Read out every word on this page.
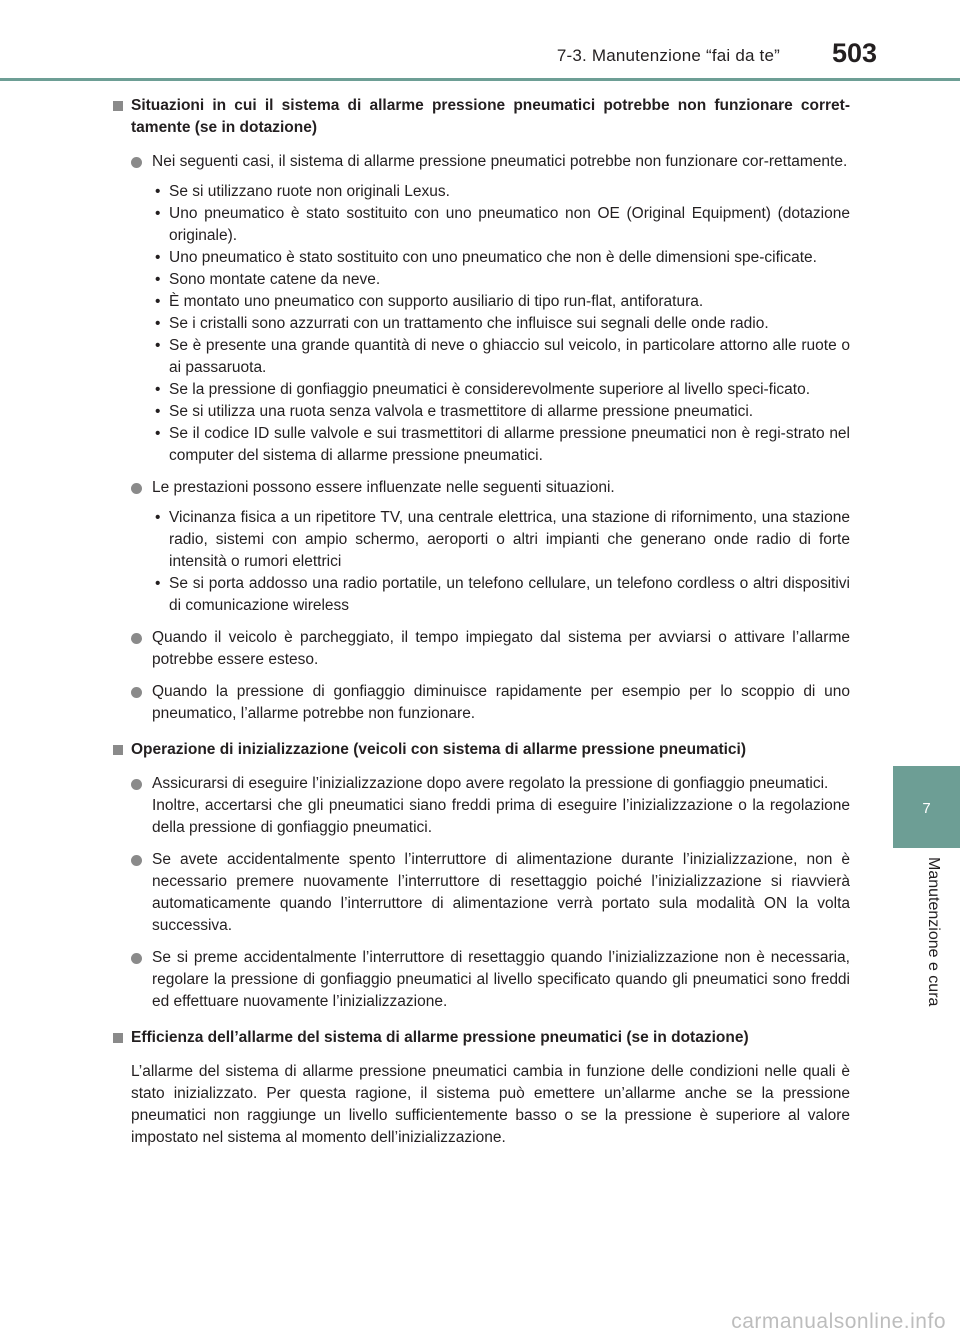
7-3. Manutenzione “fai da te” 503
7
Manutenzione e cura
Situazioni in cui il sistema di allarme pressione pneumatici potrebbe non funzionare corret-tamente (se in dotazione)
Nei seguenti casi, il sistema di allarme pressione pneumatici potrebbe non funzionare cor-rettamente.
• Se si utilizzano ruote non originali Lexus.
• Uno pneumatico è stato sostituito con uno pneumatico non OE (Original Equipment) (dotazione originale).
• Uno pneumatico è stato sostituito con uno pneumatico che non è delle dimensioni spe-cificate.
• Sono montate catene da neve.
• È montato uno pneumatico con supporto ausiliario di tipo run-flat, antiforatura.
• Se i cristalli sono azzurrati con un trattamento che influisce sui segnali delle onde radio.
• Se è presente una grande quantità di neve o ghiaccio sul veicolo, in particolare attorno alle ruote o ai passaruota.
• Se la pressione di gonfiaggio pneumatici è considerevolmente superiore al livello speci-ficato.
• Se si utilizza una ruota senza valvola e trasmettitore di allarme pressione pneumatici.
• Se il codice ID sulle valvole e sui trasmettitori di allarme pressione pneumatici non è regi-strato nel computer del sistema di allarme pressione pneumatici.
Le prestazioni possono essere influenzate nelle seguenti situazioni.
• Vicinanza fisica a un ripetitore TV, una centrale elettrica, una stazione di rifornimento, una stazione radio, sistemi con ampio schermo, aeroporti o altri impianti che generano onde radio di forte intensità o rumori elettrici
• Se si porta addosso una radio portatile, un telefono cellulare, un telefono cordless o altri dispositivi di comunicazione wireless
Quando il veicolo è parcheggiato, il tempo impiegato dal sistema per avviarsi o attivare l’allarme potrebbe essere esteso.
Quando la pressione di gonfiaggio diminuisce rapidamente per esempio per lo scoppio di uno pneumatico, l’allarme potrebbe non funzionare.
Operazione di inizializzazione (veicoli con sistema di allarme pressione pneumatici)
Assicurarsi di eseguire l’inizializzazione dopo avere regolato la pressione di gonfiaggio pneumatici.
Inoltre, accertarsi che gli pneumatici siano freddi prima di eseguire l’inizializzazione o la regolazione della pressione di gonfiaggio pneumatici.
Se avete accidentalmente spento l’interruttore di alimentazione durante l’inizializzazione, non è necessario premere nuovamente l’interruttore di resettaggio poiché l’inizializzazione si riavvierà automaticamente quando l’interruttore di alimentazione verrà portato sula modalità ON la volta successiva.
Se si preme accidentalmente l’interruttore di resettaggio quando l’inizializzazione non è necessaria, regolare la pressione di gonfiaggio pneumatici al livello specificato quando gli pneumatici sono freddi ed effettuare nuovamente l’inizializzazione.
Efficienza dell’allarme del sistema di allarme pressione pneumatici (se in dotazione)
L’allarme del sistema di allarme pressione pneumatici cambia in funzione delle condizioni nelle quali è stato inizializzato. Per questa ragione, il sistema può emettere un’allarme anche se la pressione pneumatici non raggiunge un livello sufficientemente basso o se la pressione è superiore al valore impostato nel sistema al momento dell’inizializzazione.
carmanualsonline.info
